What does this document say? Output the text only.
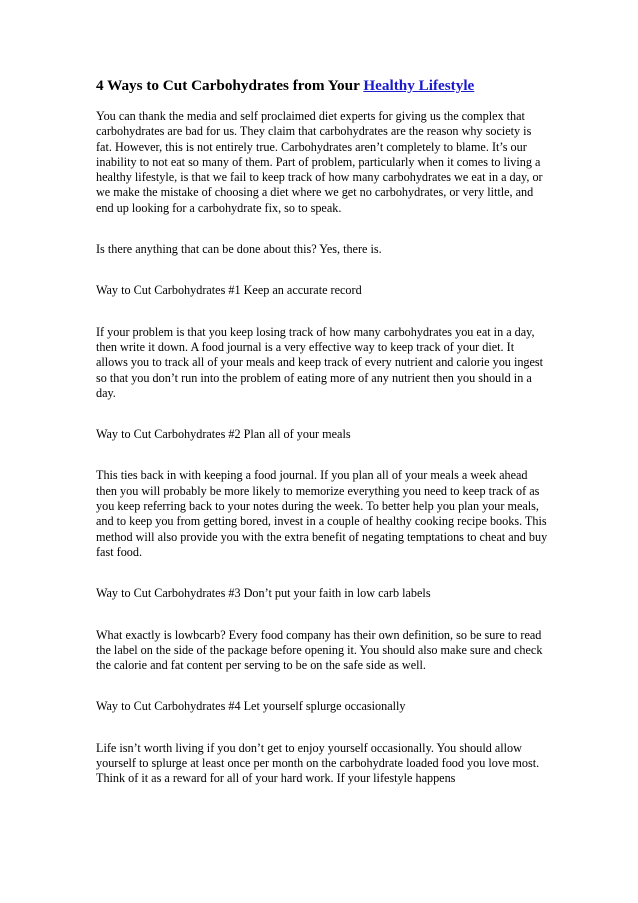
4 Ways to Cut Carbohydrates from Your Healthy Lifestyle

You can thank the media and self proclaimed diet experts for giving us the complex that carbohydrates are bad for us. They claim that carbohydrates are the reason why society is fat. However, this is not entirely true. Carbohydrates aren’t completely to blame. It’s our inability to not eat so many of them. Part of problem, particularly when it comes to living a healthy lifestyle, is that we fail to keep track of how many carbohydrates we eat in a day, or we make the mistake of choosing a diet where we get no carbohydrates, or very little, and end up looking for a carbohydrate fix, so to speak.

Is there anything that can be done about this? Yes, there is.

Way to Cut Carbohydrates #1 Keep an accurate record

If your problem is that you keep losing track of how many carbohydrates you eat in a day, then write it down. A food journal is a very effective way to keep track of your diet. It allows you to track all of your meals and keep track of every nutrient and calorie you ingest so that you don’t run into the problem of eating more of any nutrient then you should in a day.

Way to Cut Carbohydrates #2 Plan all of your meals

This ties back in with keeping a food journal. If you plan all of your meals a week ahead then you will probably be more likely to memorize everything you need to keep track of as you keep referring back to your notes during the week. To better help you plan your meals, and to keep you from getting bored, invest in a couple of healthy cooking recipe books. This method will also provide you with the extra benefit of negating temptations to cheat and buy fast food.

Way to Cut Carbohydrates #3 Don’t put your faith in low carb labels

What exactly is lowbcarb? Every food company has their own definition, so be sure to read the label on the side of the package before opening it. You should also make sure and check the calorie and fat content per serving to be on the safe side as well.

Way to Cut Carbohydrates #4 Let yourself splurge occasionally

Life isn’t worth living if you don’t get to enjoy yourself occasionally. You should allow yourself to splurge at least once per month on the carbohydrate loaded food you love most. Think of it as a reward for all of your hard work. If your lifestyle happens
